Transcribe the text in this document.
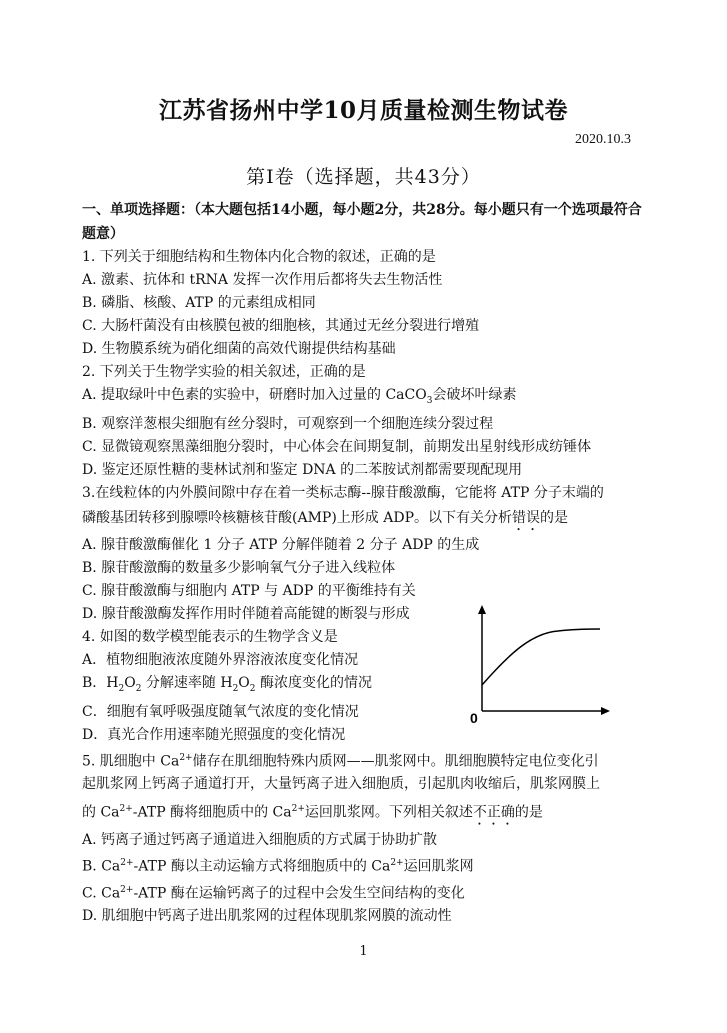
江苏省扬州中学10月质量检测生物试卷
2020.10.3
第Ⅰ卷（选择题，共43分）
一、单项选择题：（本大题包括14小题，每小题2分，共28分。每小题只有一个选项最符合题意）
1. 下列关于细胞结构和生物体内化合物的叙述，正确的是
A. 激素、抗体和 tRNA 发挥一次作用后都将失去生物活性
B. 磷脂、核酸、ATP 的元素组成相同
C. 大肠杆菌没有由核膜包被的细胞核，其通过无丝分裂进行增殖
D. 生物膜系统为硝化细菌的高效代谢提供结构基础
2. 下列关于生物学实验的相关叙述，正确的是
A. 提取绿叶中色素的实验中，研磨时加入过量的 CaCO$_3$会破坏叶绿素
B. 观察洋葱根尖细胞有丝分裂时，可观察到一个细胞连续分裂过程
C. 显微镜观察黑藻细胞分裂时，中心体会在间期复制，前期发出星射线形成纺锤体
D. 鉴定还原性糖的斐林试剂和鉴定 DNA 的二苯胺试剂都需要现配现用
3.在线粒体的内外膜间隙中存在着一类标志酶--腺苷酸激酶，它能将 ATP 分子末端的
磷酸基团转移到腺嘌呤核糖核苷酸(AMP)上形成 ADP。以下有关分析错误的是
A. 腺苷酸激酶催化 1 分子 ATP 分解伴随着 2 分子 ADP 的生成
B. 腺苷酸激酶的数量多少影响氧气分子进入线粒体
C. 腺苷酸激酶与细胞内 ATP 与 ADP 的平衡维持有关
D. 腺苷酸激酶发挥作用时伴随着高能键的断裂与形成
4. 如图的数学模型能表示的生物学含义是
A．植物细胞液浓度随外界溶液浓度变化情况
B．$H_2O_2$ 分解速率随 $H_2O_2$ 酶浓度变化的情况
C．细胞有氧呼吸强度随氧气浓度的变化情况
D．真光合作用速率随光照强度的变化情况
5. 肌细胞中 $Ca^{2+}$储存在肌细胞特殊内质网——肌浆网中。肌细胞膜特定电位变化引
起肌浆网上钙离子通道打开，大量钙离子进入细胞质，引起肌肉收缩后，肌浆网膜上
的 $Ca^{2+}$-ATP 酶将细胞质中的 $Ca^{2+}$运回肌浆网。下列相关叙述不正确的是
A. 钙离子通过钙离子通道进入细胞质的方式属于协助扩散
B. $Ca^{2+}$-ATP 酶以主动运输方式将细胞质中的 $Ca^{2+}$运回肌浆网
C. $Ca^{2+}$-ATP 酶在运输钙离子的过程中会发生空间结构的变化
D. 肌细胞中钙离子进出肌浆网的过程体现肌浆网膜的流动性
0
1
